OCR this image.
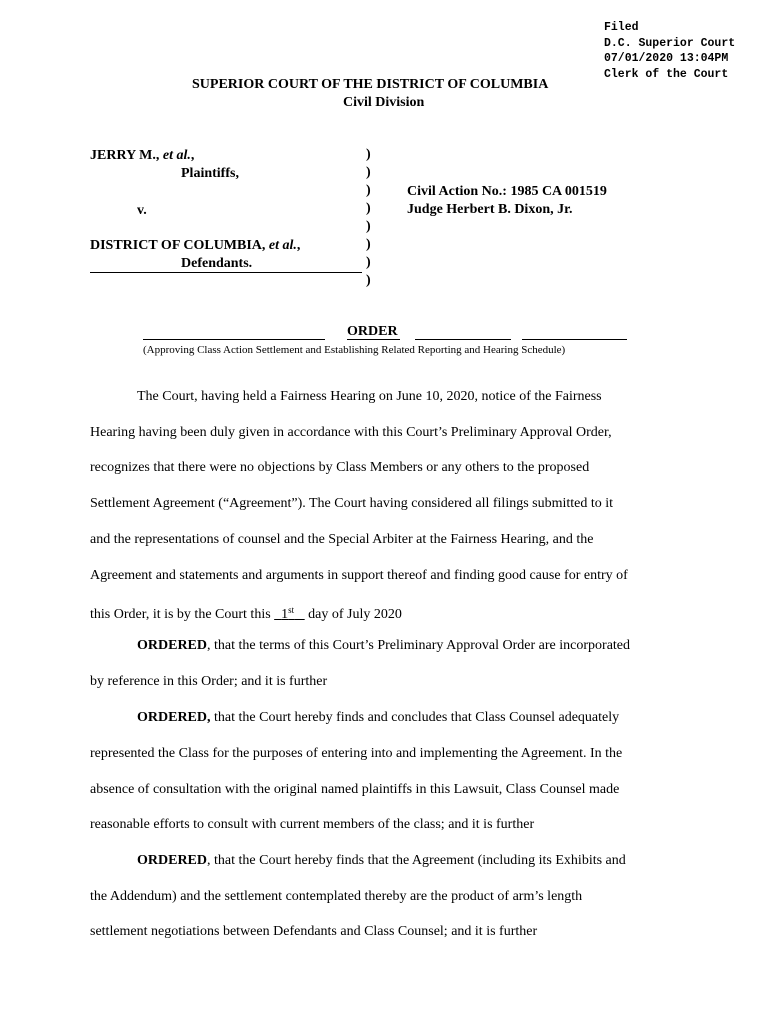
Filed
D.C. Superior Court
07/01/2020 13:04PM
Clerk of the Court
SUPERIOR COURT OF THE DISTRICT OF COLUMBIA
Civil Division
JERRY M., et al.,
Plaintiffs,
v.
DISTRICT OF COLUMBIA, et al.,
Defendants.
)
)
)
)
)
)
)
)
Civil Action No.: 1985 CA 001519
Judge Herbert B. Dixon, Jr.
ORDER
(Approving Class Action Settlement and Establishing Related Reporting and Hearing Schedule)
The Court, having held a Fairness Hearing on June 10, 2020, notice of the Fairness
Hearing having been duly given in accordance with this Court’s Preliminary Approval Order,
recognizes that there were no objections by Class Members or any others to the proposed
Settlement Agreement (“Agreement”). The Court having considered all filings submitted to it
and the representations of counsel and the Special Arbiter at the Fairness Hearing, and the
Agreement and statements and arguments in support thereof and finding good cause for entry of
this Order, it is by the Court this   1st    day of July 2020
ORDERED, that the terms of this Court’s Preliminary Approval Order are incorporated
by reference in this Order; and it is further
ORDERED, that the Court hereby finds and concludes that Class Counsel adequately
represented the Class for the purposes of entering into and implementing the Agreement. In the
absence of consultation with the original named plaintiffs in this Lawsuit, Class Counsel made
reasonable efforts to consult with current members of the class; and it is further
ORDERED, that the Court hereby finds that the Agreement (including its Exhibits and
the Addendum) and the settlement contemplated thereby are the product of arm’s length
settlement negotiations between Defendants and Class Counsel; and it is further
